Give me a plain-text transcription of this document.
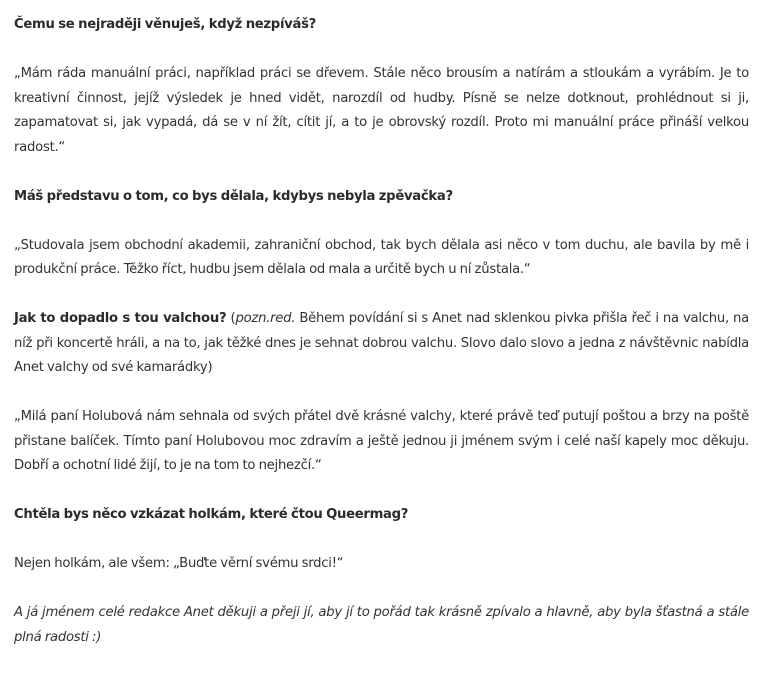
Čemu se nejraději věnuješ, když nezpíváš?

„Mám ráda manuální práci, například práci se dřevem. Stále něco brousím a natírám a stloukám a vyrábím. Je to kreativní činnost, jejíž výsledek je hned vidět, narozdíl od hudby. Písně se nelze dotknout, prohlédnout si ji, zapamatovat si, jak vypadá, dá se v ní žít, cítit jí, a to je obrovský rozdíl. Proto mi manuální práce přináší velkou radost.“

Máš představu o tom, co bys dělala, kdybys nebyla zpěvačka?

„Studovala jsem obchodní akademii, zahraniční obchod, tak bych dělala asi něco v tom duchu, ale bavila by mě i produkční práce. Těžko říct, hudbu jsem dělala od mala a určitě bych u ní zůstala.“

Jak to dopadlo s tou valchou? (pozn.red. Během povídání si s Anet nad sklenkou pivka přišla řeč i na valchu, na níž při koncertě hráli, a na to, jak těžké dnes je sehnat dobrou valchu. Slovo dalo slovo a jedna z návštěvnic nabídla Anet valchy od své kamarádky)

„Milá paní Holubová nám sehnala od svých přátel dvě krásné valchy, které právě teď putují poštou a brzy na poště přistane balíček. Tímto paní Holubovou moc zdravím a ještě jednou ji jménem svým i celé naší kapely moc děkuju. Dobří a ochotní lidé žijí, to je na tom to nejhezčí.“

Chtěla bys něco vzkázat holkám, které čtou Queermag?

Nejen holkám, ale všem: „Buďte věrní svému srdci!“

A já jménem celé redakce Anet děkuji a přeji jí, aby jí to pořád tak krásně zpívalo a hlavně, aby byla šťastná a stále plná radosti :)
